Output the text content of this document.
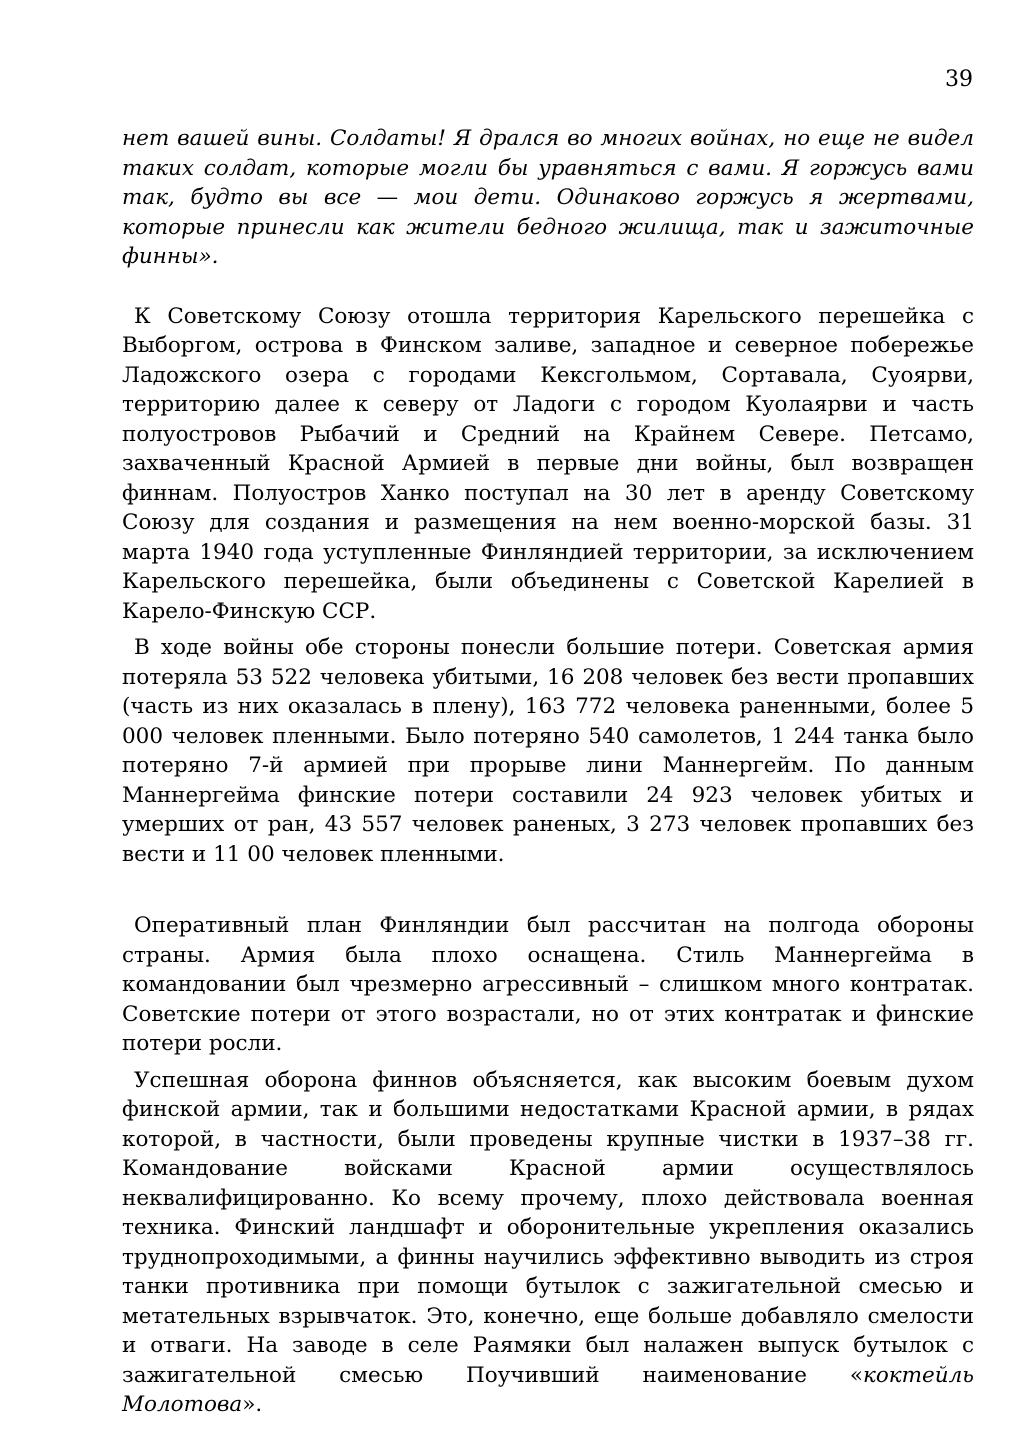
39

нет вашей вины. Солдаты! Я дрался во многих войнах, но еще не видел таких солдат, которые могли бы уравняться с вами. Я горжусь вами так, будто вы все — мои дети. Одинаково горжусь я жертвами, которые принесли как жители бедного жилища, так и зажиточные финны».

К Советскому Союзу отошла территория Карельского перешейка с Выборгом, острова в Финском заливе, западное и северное побережье Ладожского озера с городами Кексгольмом, Сортавала, Суоярви, территорию далее к северу от Ладоги с городом Куолаярви и часть полуостровов Рыбачий и Средний на Крайнем Севере. Петсамо, захваченный Красной Армией в первые дни войны, был возвращен финнам. Полуостров Ханко поступал на 30 лет в аренду Советскому Союзу для создания и размещения на нем военно-морской базы. 31 марта 1940 года уступленные Финляндией территории, за исключением Карельского перешейка, были объединены с Советской Карелией в Карело-Финскую ССР.

В ходе войны обе стороны понесли большие потери. Советская армия потеряла 53 522 человека убитыми, 16 208 человек без вести пропавших (часть из них оказалась в плену), 163 772 человека раненными, более 5 000 человек пленными. Было потеряно 540 самолетов, 1 244 танка было потеряно 7-й армией при прорыве лини Маннергейм. По данным Маннергейма финские потери составили 24 923 человек убитых и умерших от ран, 43 557 человек раненых, 3 273 человек пропавших без вести и 11 00 человек пленными.

Оперативный план Финляндии был рассчитан на полгода обороны страны. Армия была плохо оснащена. Стиль Маннергейма в командовании был чрезмерно агрессивный – слишком много контратак. Советские потери от этого возрастали, но от этих контратак и финские потери росли.

Успешная оборона финнов объясняется, как высоким боевым духом финской армии, так и большими недостатками Красной армии, в рядах которой, в частности, были проведены крупные чистки в 1937–38 гг. Командование войсками Красной армии осуществлялось неквалифицированно. Ко всему прочему, плохо действовала военная техника. Финский ландшафт и оборонительные укрепления оказались труднопроходимыми, а финны научились эффективно выводить из строя танки противника при помощи бутылок с зажигательной смесью и метательных взрывчаток. Это, конечно, еще больше добавляло смелости и отваги. На заводе в селе Раямяки был налажен выпуск бутылок с зажигательной смесью Поучивший наименование «коктейль Молотова».
